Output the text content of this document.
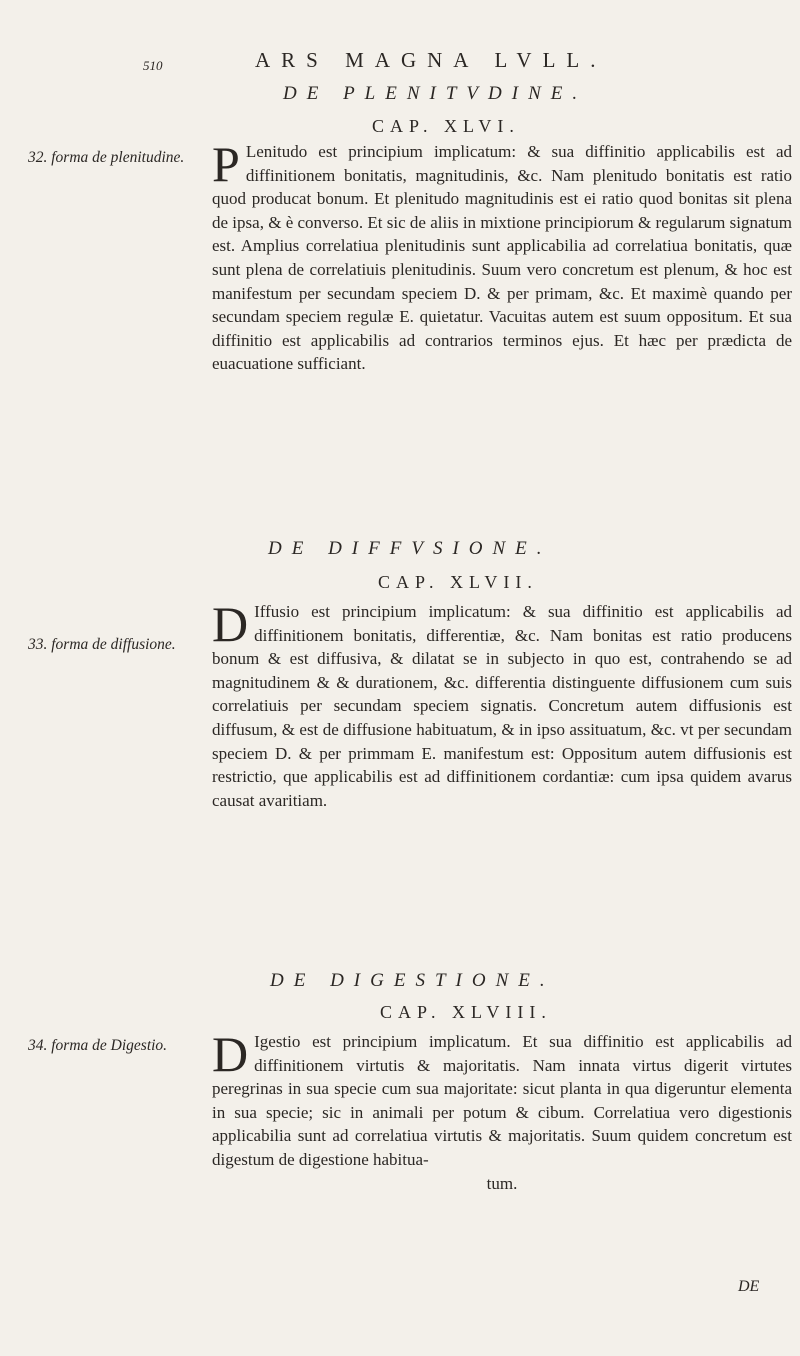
510	ARS MAGNA LVLL.
DE PLENITVDINE.
CAP. XLVI.
32. forma de plenitudine. P Lenitudo est principium implicatum: & sua diffinitio applicabilis est ad diffinitionem bonitatis, magnitudinis, &c. Nam plenitudo bonitatis est ratio quod producat bonum. Et plenitudo magnitudinis est ei ratio quod bonitas sit plena de ipsa, & è converso. Et sic de aliis in mixtione principiorum & regularum signatum est. Amplius correlatiua plenitudinis sunt applicabilia ad correlatiua bonitatis, quæ sunt plena de correlatiuis plenitudinis. Suum vero concretum est plenum, & hoc est manifestum per secundam speciem D. & per primam, &c. Et maximè quando per secundam speciem regulæ E. quietatur. Vacuitas autem est suum oppositum. Et sua diffinitio est applicabilis ad contrarios terminos ejus. Et hæc per prædicta de euacuatione sufficiant.

DE DIFFVSIONE.
CAP. XLVII.
33. forma de diffusione. D Iffusio est principium implicatum: & sua diffinitio est applicabilis ad diffinitionem bonitatis, differentiæ, &c. Nam bonitas est ratio producens bonum & est diffusiva, & dilatat se in subjecto in quo est, contrahendo se ad magnitudinem & & durationem, &c. differentia distinguente diffusionem cum suis correlatiuis per secundam speciem signatis. Concretum autem diffusionis est diffusum, & est de diffusione habituatum, & in ipso assituatum, &c. vt per secundam speciem D. & per primmam E. manifestum est: Oppositum autem diffusionis est restrictio, que applicabilis est ad diffinitionem cordantiæ: cum ipsa quidem avarus causat avaritiam.

DE DIGESTIONE.
CAP. XLVIII.
34. forma de Digestio. D Igestio est principium implicatum. Et sua diffinitio est applicabilis ad diffinitionem virtutis & majoritatis. Nam innata virtus digerit virtutes peregrinas in sua specie cum sua majoritate: sicut planta in qua digeruntur elementa in sua specie; sic in animali per potum & cibum. Correlatiua vero digestionis applicabilia sunt ad correlatiua virtutis & majoritatis. Suum quidem concretum est digestum de digestione habitua-
tum.

DE
